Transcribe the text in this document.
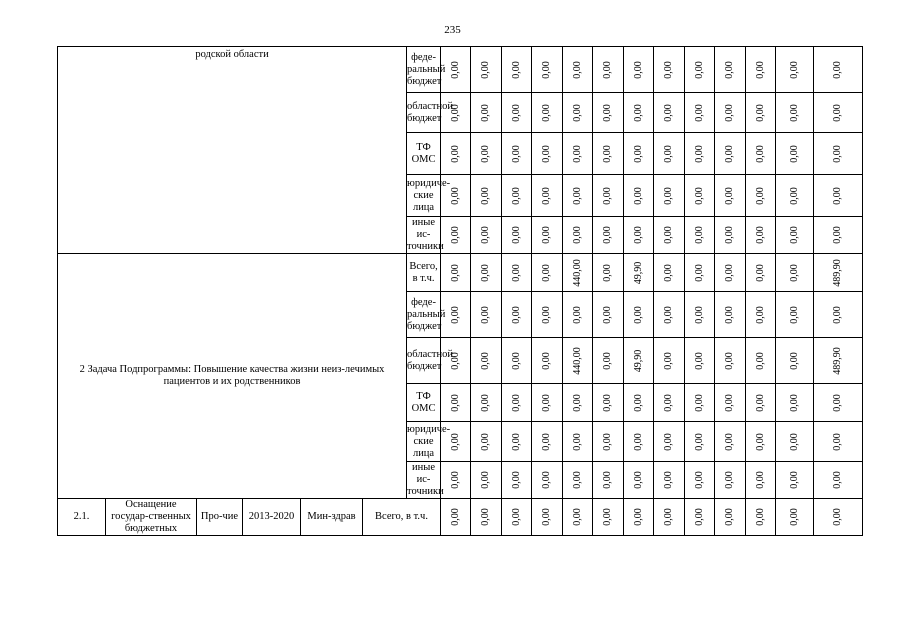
235
родской области						феде-ральный бюджет	0,00	0,00	0,00	0,00	0,00	0,00	0,00	0,00	0,00	0,00	0,00	0,00	0,00

						областной бюджет	0,00	0,00	0,00	0,00	0,00	0,00	0,00	0,00	0,00	0,00	0,00	0,00	0,00

						ТФ ОМС	0,00	0,00	0,00	0,00	0,00	0,00	0,00	0,00	0,00	0,00	0,00	0,00	0,00

						юридиче-ские лица	0,00	0,00	0,00	0,00	0,00	0,00	0,00	0,00	0,00	0,00	0,00	0,00	0,00

						иные ис-точники	0,00	0,00	0,00	0,00	0,00	0,00	0,00	0,00	0,00	0,00	0,00	0,00	0,00

2 Задача Подпрограммы: Повышение качества жизни неиз-лечимых пациентов и их родственников						Всего, в т.ч.	0,00	0,00	0,00	0,00	440,00	0,00	49,90	0,00	0,00	0,00	0,00	0,00	489,90

						феде-ральный бюджет	0,00	0,00	0,00	0,00	0,00	0,00	0,00	0,00	0,00	0,00	0,00	0,00	0,00

						областной бюджет	0,00	0,00	0,00	0,00	440,00	0,00	49,90	0,00	0,00	0,00	0,00	0,00	489,90

						ТФ ОМС	0,00	0,00	0,00	0,00	0,00	0,00	0,00	0,00	0,00	0,00	0,00	0,00	0,00

						юридиче-ские лица	0,00	0,00	0,00	0,00	0,00	0,00	0,00	0,00	0,00	0,00	0,00	0,00	0,00

						иные ис-точники	0,00	0,00	0,00	0,00	0,00	0,00	0,00	0,00	0,00	0,00	0,00	0,00	0,00

2.1.	Оснащение государ-ственных бюджетных	Про-чие	2013-2020	Мин-здрав	Всего, в т.ч.		0,00	0,00	0,00	0,00	0,00	0,00	0,00	0,00	0,00	0,00	0,00	0,00	0,00
